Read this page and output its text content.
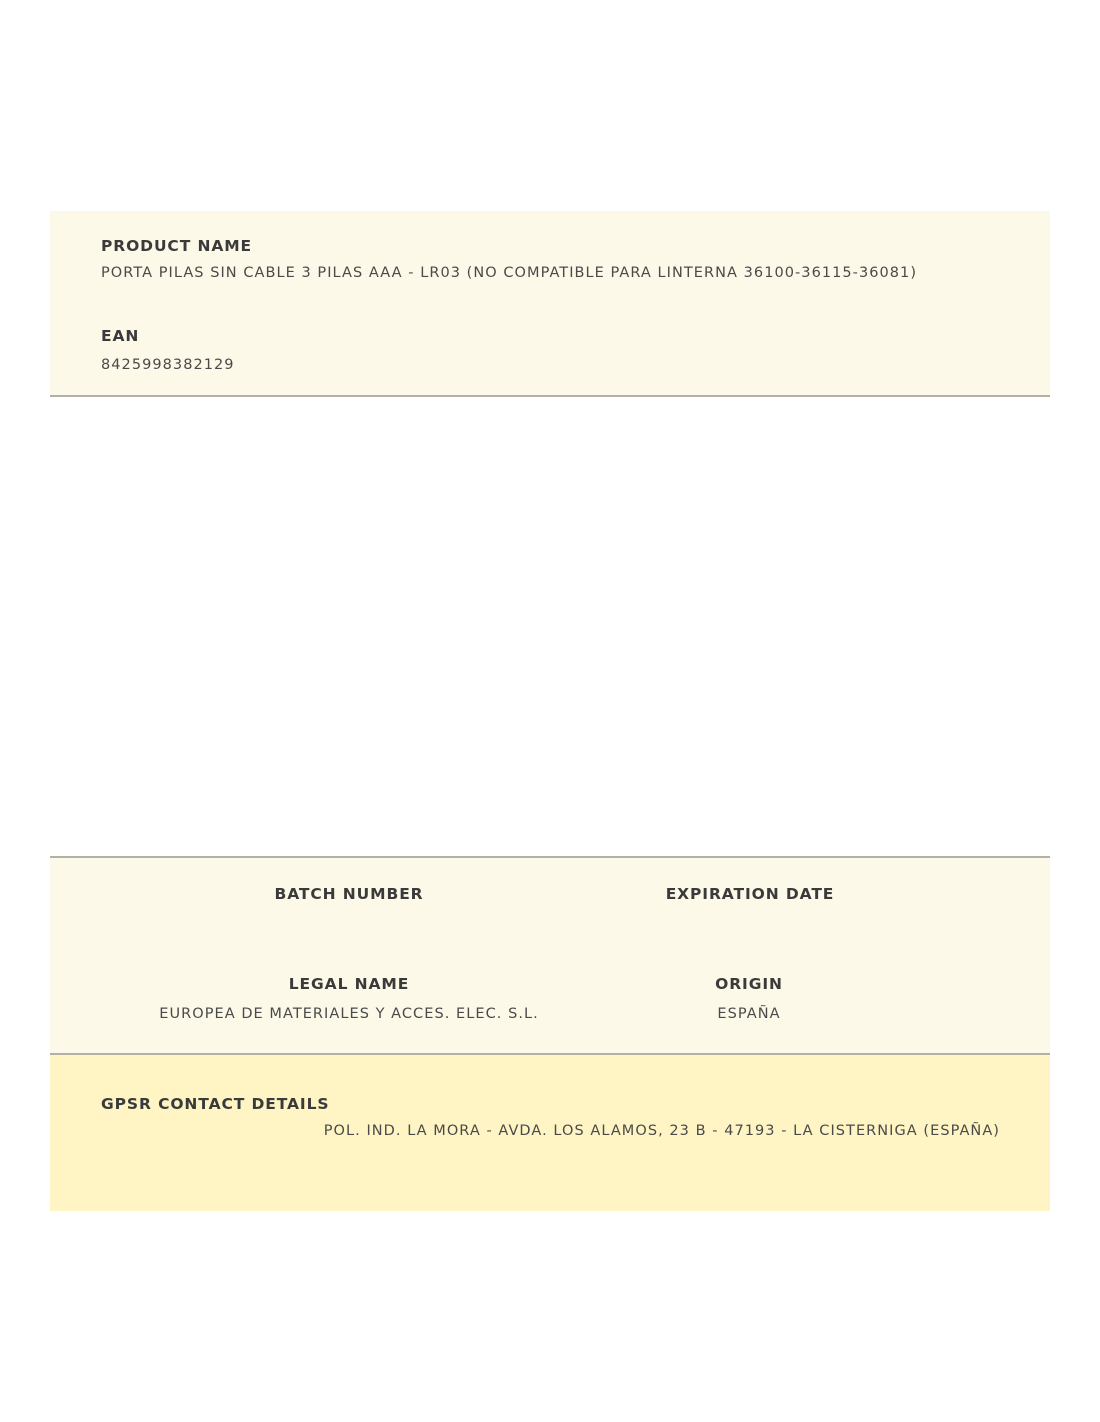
PRODUCT NAME
PORTA PILAS SIN CABLE 3 PILAS AAA - LR03 (NO COMPATIBLE PARA LINTERNA 36100-36115-36081)
EAN
8425998382129
BATCH NUMBER	EXPIRATION DATE
LEGAL NAME
EUROPEA DE MATERIALES Y ACCES. ELEC. S.L.
ORIGIN
ESPAÑA
GPSR CONTACT DETAILS
POL. IND. LA MORA - AVDA. LOS ALAMOS, 23 B - 47193 - LA CISTERNIGA (ESPAÑA)
